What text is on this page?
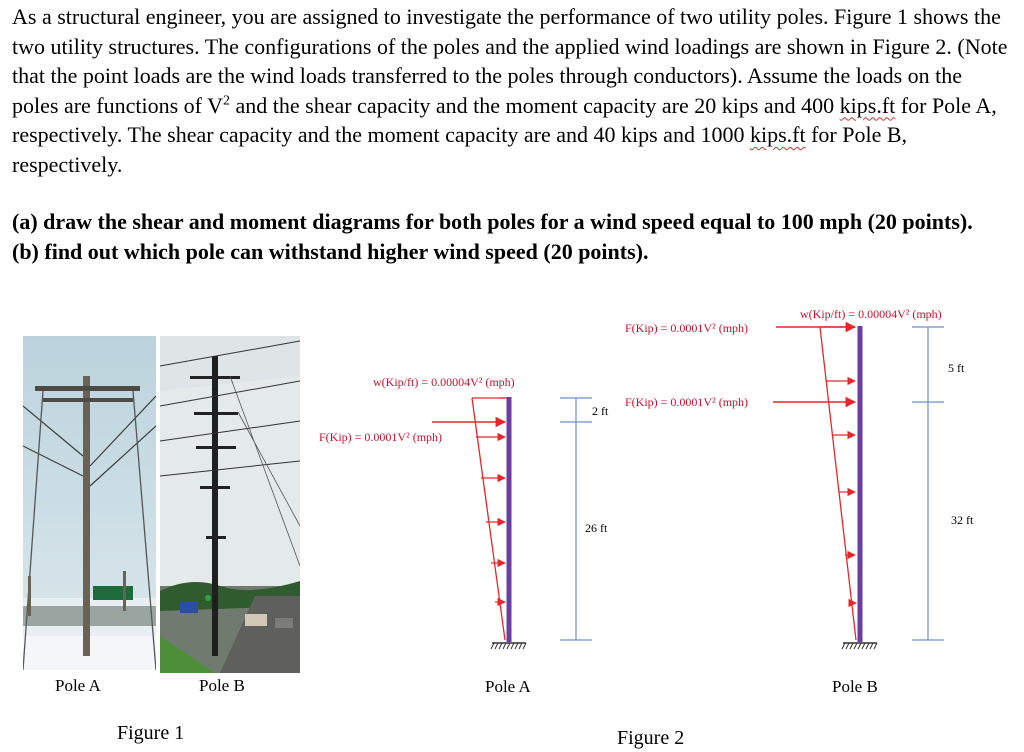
As a structural engineer, you are assigned to investigate the performance of two utility poles. Figure 1 shows the two utility structures. The configurations of the poles and the applied wind loadings are shown in Figure 2. (Note that the point loads are the wind loads transferred to the poles through conductors). Assume the loads on the poles are functions of $V^2$ and the shear capacity and the moment capacity are 20 kips and 400 kips.ft for Pole A, respectively. The shear capacity and the moment capacity are and 40 kips and 1000 kips.ft for Pole B, respectively.

(a) draw the shear and moment diagrams for both poles for a wind speed equal to 100 mph (20 points).

(b) find out which pole can withstand higher wind speed (20 points).

Pole A	Pole B
Figure 1
w(Kip/ft) = 0.00004V² (mph)
F(Kip) = 0.0001V² (mph)
2 ft
26 ft
Pole A
w(Kip/ft) = 0.00004V² (mph)
F(Kip) = 0.0001V² (mph)
F(Kip) = 0.0001V² (mph)
5 ft
32 ft
Pole B
Figure 2
